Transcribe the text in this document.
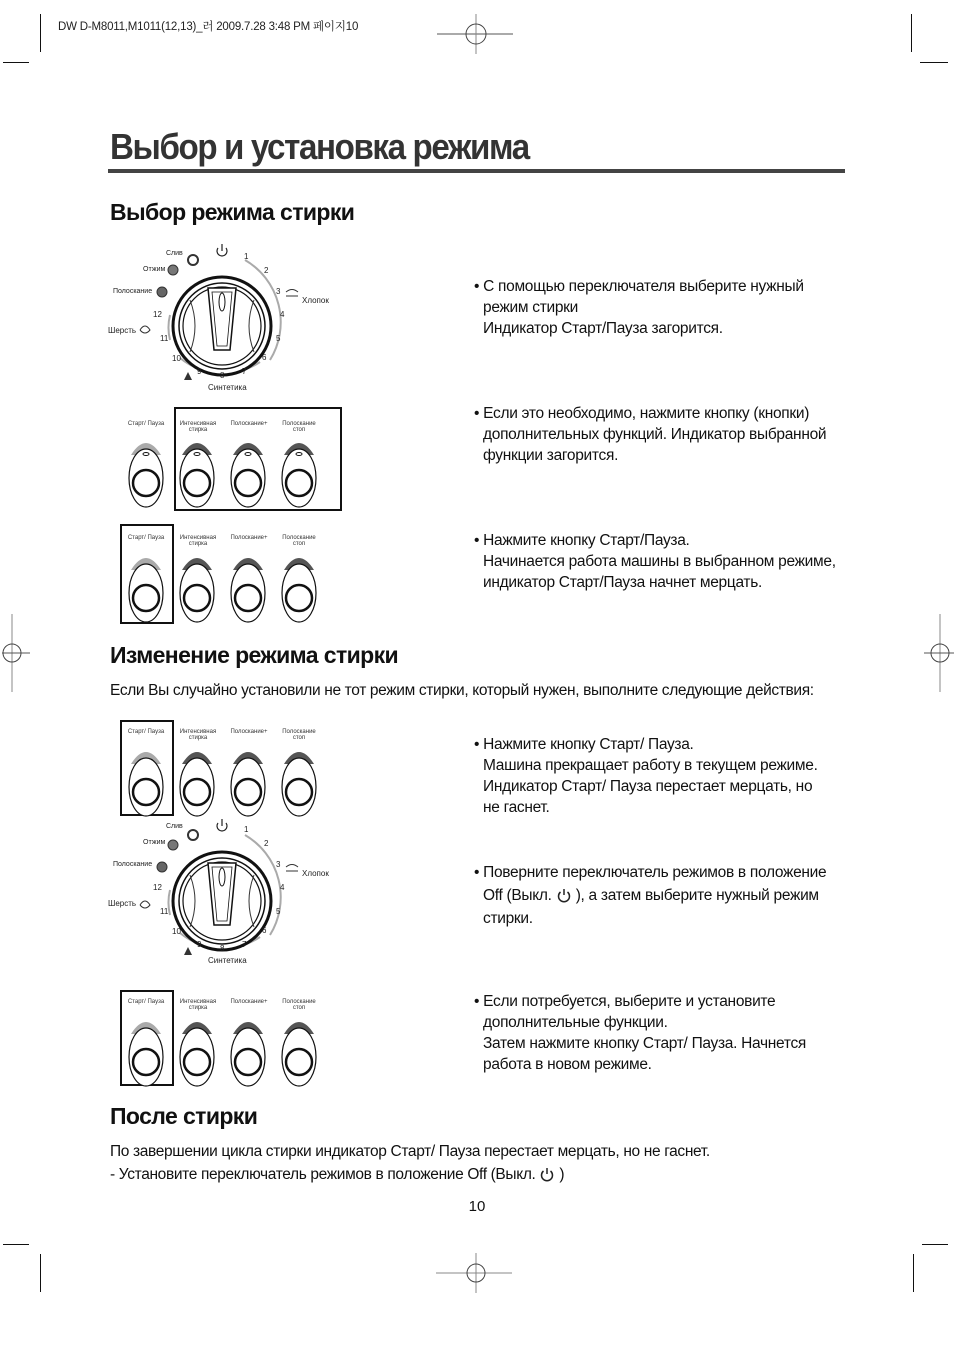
DW D-M8011,M1011(12,13)_러 2009.7.28 3:48 PM 페이지10
Выбор и установка режима
Выбор режима стирки
Слив
Отжим
Полоскание
Шерсть
Хлопок
Синтетика
1
2
3
4
5
6
7
8
9
10
11
12
Старт/ Пауза	Интенсивная
стирка
Полоскание+	Полоскание
стоп
Старт/ Пауза	Интенсивная
стирка
Полоскание+	Полоскание
стоп
• С помощью переключателя выберите нужный
режим стирки
Индикатор Старт/Пауза загорится.
• Если это необходимо, нажмите кнопку (кнопки)
дополнительных функций. Индикатор выбранной
функции загорится.
• Нажмите кнопку Старт/Пауза.
Начинается работа машины в выбранном режиме,
индикатор Старт/Пауза начнет мерцать.
Изменение режима стирки
Если Вы случайно установили не тот режим стирки, который нужен, выполните следующие действия:
Старт/ Пауза	Интенсивная
стирка
Полоскание+	Полоскание
стоп
Слив
Отжим
Полоскание
Шерсть
Хлопок
Синтетика
1
2
3
4
5
6
7
8
9
10
11
12
Старт/ Пауза	Интенсивная
стирка
Полоскание+	Полоскание
стоп
• Нажмите кнопку Старт/ Пауза.
Машина прекращает работу в текущем режиме.
Индикатор Старт/ Пауза перестает мерцать, но
не гаснет.
• Поверните переключатель режимов в положение
Off (Выкл. ), а затем выберите нужный режим
стирки.
• Если потребуется, выберите и установите
дополнительные функции.
Затем нажмите кнопку Старт/ Пауза. Начнется
работа в новом режиме.
После стирки
По завершении цикла стирки индикатор Старт/ Пауза перестает мерцать, но не гаснет.
- Установите переключатель режимов в положение Off (Выкл. )
10
